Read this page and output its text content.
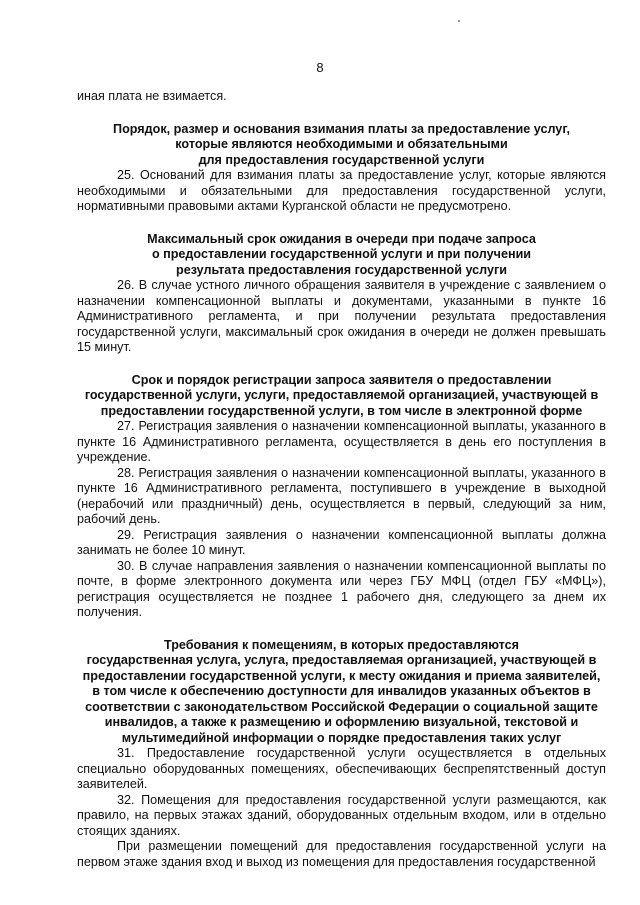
8

иная плата не взимается.

Порядок, размер и основания взимания платы за предоставление услуг,
которые являются необходимыми и обязательными
для предоставления государственной услуги

25. Оснований для взимания платы за предоставление услуг, которые являются необходимыми и обязательными для предоставления государственной услуги, нормативными правовыми актами Курганской области не предусмотрено.

Максимальный срок ожидания в очереди при подаче запроса
о предоставлении государственной услуги и при получении
результата предоставления государственной услуги

26. В случае устного личного обращения заявителя в учреждение с заявлением о назначении компенсационной выплаты и документами, указанными в пункте 16 Административного регламента, и при получении результата предоставления государственной услуги, максимальный срок ожидания в очереди не должен превышать 15 минут.

Срок и порядок регистрации запроса заявителя о предоставлении
государственной услуги, услуги, предоставляемой организацией, участвующей в
предоставлении государственной услуги, в том числе в электронной форме

27. Регистрация заявления о назначении компенсационной выплаты, указанного в пункте 16 Административного регламента, осуществляется в день его поступления в учреждение.

28. Регистрация заявления о назначении компенсационной выплаты, указанного в пункте 16 Административного регламента, поступившего в учреждение в выходной (нерабочий или праздничный) день, осуществляется в первый, следующий за ним, рабочий день.

29. Регистрация заявления о назначении компенсационной выплаты должна занимать не более 10 минут.

30. В случае направления заявления о назначении компенсационной выплаты по почте, в форме электронного документа или через ГБУ МФЦ (отдел ГБУ «МФЦ»), регистрация осуществляется не позднее 1 рабочего дня, следующего за днем их получения.

Требования к помещениям, в которых предоставляются
государственная услуга, услуга, предоставляемая организацией, участвующей в
предоставлении государственной услуги, к месту ожидания и приема заявителей,
в том числе к обеспечению доступности для инвалидов указанных объектов в
соответствии с законодательством Российской Федерации о социальной защите
инвалидов, а также к размещению и оформлению визуальной, текстовой и
мультимедийной информации о порядке предоставления таких услуг

31. Предоставление государственной услуги осуществляется в отдельных специально оборудованных помещениях, обеспечивающих беспрепятственный доступ заявителей.

32. Помещения для предоставления государственной услуги размещаются, как правило, на первых этажах зданий, оборудованных отдельным входом, или в отдельно стоящих зданиях.

При размещении помещений для предоставления государственной услуги на первом этаже здания вход и выход из помещения для предоставления государственной
